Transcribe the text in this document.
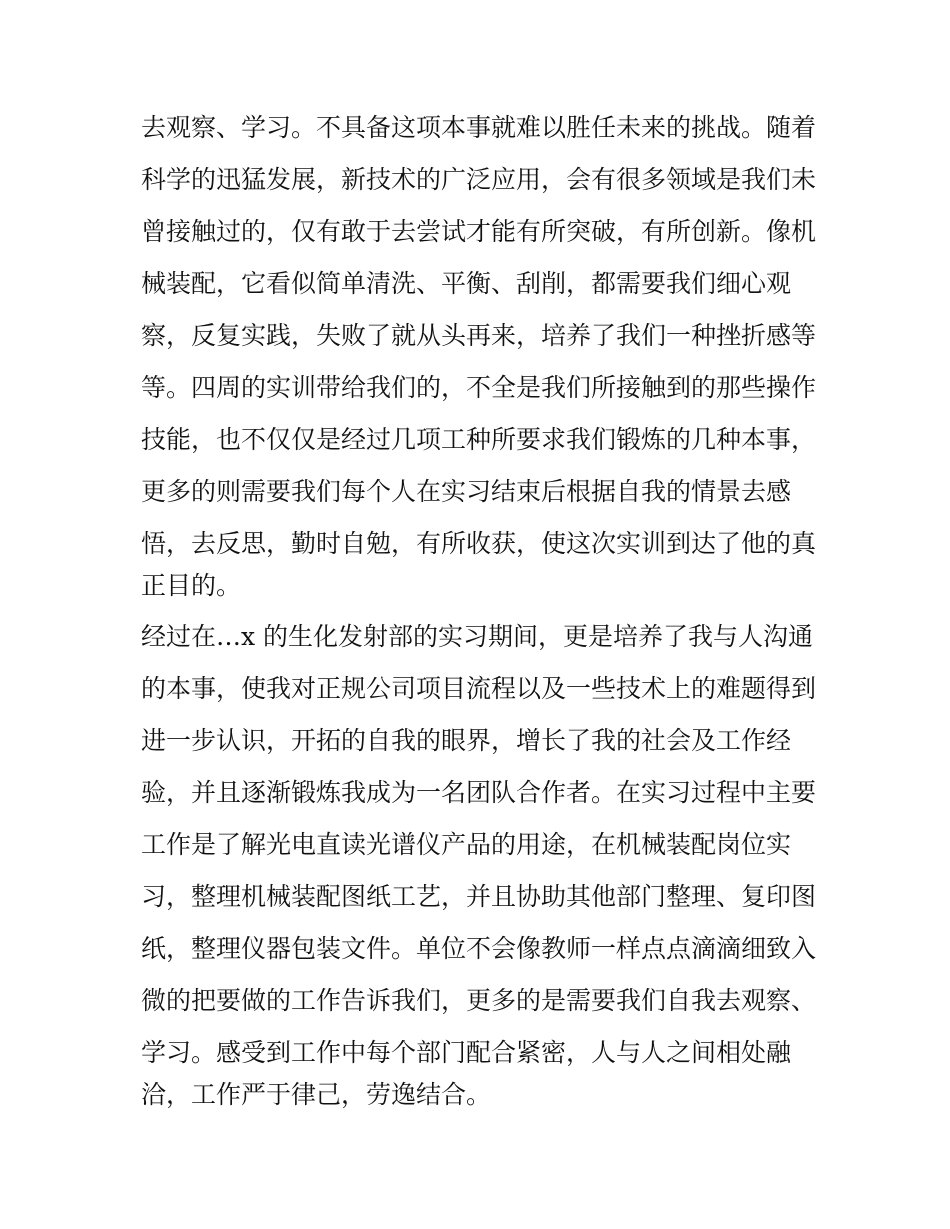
去观察、学习。不具备这项本事就难以胜任未来的挑战。随着
科学的迅猛发展，新技术的广泛应用，会有很多领域是我们未
曾接触过的，仅有敢于去尝试才能有所突破，有所创新。像机
械装配，它看似简单清洗、平衡、刮削，都需要我们细心观
察，反复实践，失败了就从头再来，培养了我们一种挫折感等
等。四周的实训带给我们的，不全是我们所接触到的那些操作
技能，也不仅仅是经过几项工种所要求我们锻炼的几种本事，
更多的则需要我们每个人在实习结束后根据自我的情景去感
悟，去反思，勤时自勉，有所收获，使这次实训到达了他的真
正目的。
经过在…x 的生化发射部的实习期间，更是培养了我与人沟通
的本事，使我对正规公司项目流程以及一些技术上的难题得到
进一步认识，开拓的自我的眼界，增长了我的社会及工作经
验，并且逐渐锻炼我成为一名团队合作者。在实习过程中主要
工作是了解光电直读光谱仪产品的用途，在机械装配岗位实
习，整理机械装配图纸工艺，并且协助其他部门整理、复印图
纸，整理仪器包装文件。单位不会像教师一样点点滴滴细致入
微的把要做的工作告诉我们，更多的是需要我们自我去观察、
学习。感受到工作中每个部门配合紧密，人与人之间相处融
洽，工作严于律己，劳逸结合。
